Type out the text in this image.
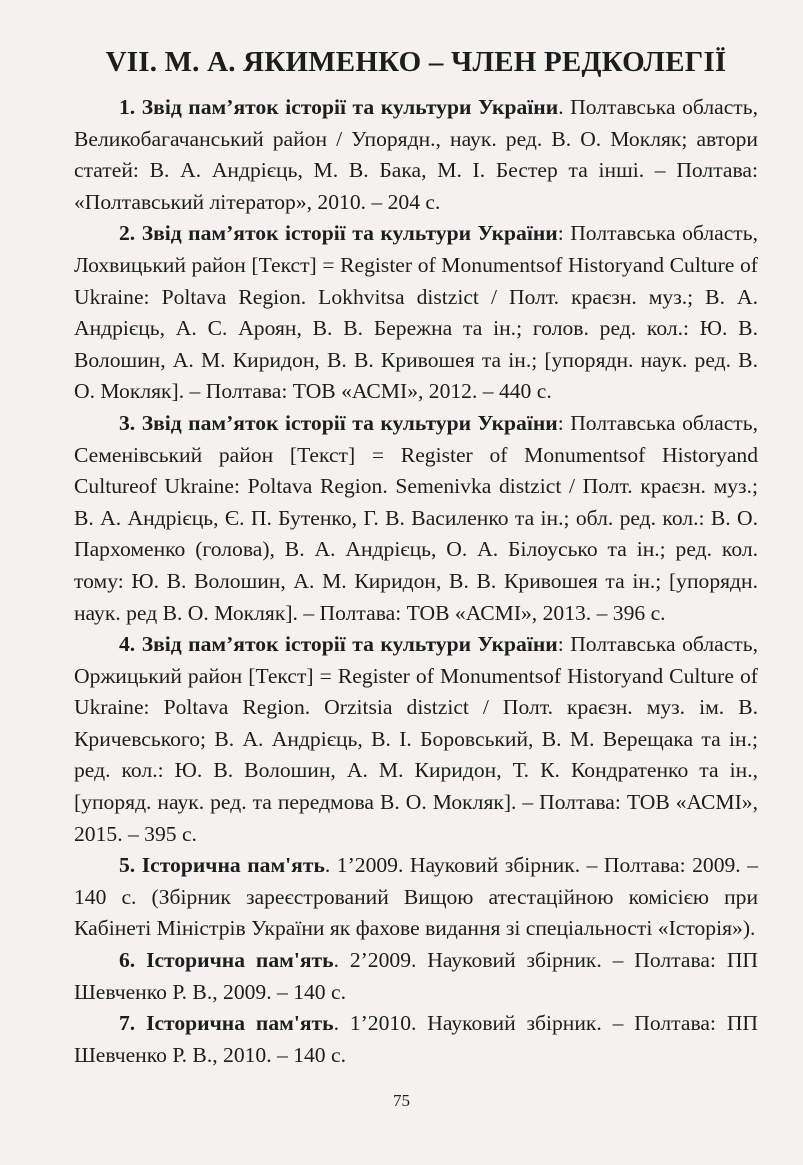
VII. М. А. ЯКИМЕНКО – ЧЛЕН РЕДКОЛЕГІЇ

1. Звід пам’яток історії та культури України. Полтавська область, Великобагачанський район / Упорядн., наук. ред. В. О. Мокляк; автори статей: В. А. Андрієць, М. В. Бака, М. І. Бестер та інші. – Полтава: «Полтавський літератор», 2010. – 204 с.

2. Звід пам’яток історії та культури України: Полтавська область, Лохвицький район [Текст] = Register of Monumentsof Historyand Culture of Ukraine: Poltava Region. Lokhvitsa distzict / Полт. краєзн. муз.; В. А. Андрієць, А. С. Ароян, В. В. Бережна та ін.; голов. ред. кол.: Ю. В. Волошин, А. М. Киридон, В. В. Кривошея та ін.; [упорядн. наук. ред. В. О. Мокляк]. – Полтава: ТОВ «АСМІ», 2012. – 440 с.

3. Звід пам’яток історії та культури України: Полтавська область, Семенівський район [Текст] = Register of Monumentsof Historyand Cultureof Ukraine: Poltava Region. Semenivka distzict / Полт. краєзн. муз.; В. А. Андрієць, Є. П. Бутенко, Г. В. Василенко та ін.; обл. ред. кол.: В. О. Пархоменко (голова), В. А. Андрієць, О. А. Білоусько та ін.; ред. кол. тому: Ю. В. Волошин, А. М. Киридон, В. В. Кривошея та ін.; [упорядн. наук. ред В. О. Мокляк]. – Полтава: ТОВ «АСМІ», 2013. – 396 с.

4. Звід пам’яток історії та культури України: Полтавська область, Оржицький район [Текст] = Register of Monumentsof Historyand Culture of Ukraine: Poltava Region. Orzitsia distzict / Полт. краєзн. муз. ім. В. Кричевського; В. А. Андрієць, В. І. Боровський, В. М. Верещака та ін.; ред. кол.: Ю. В. Волошин, А. М. Киридон, Т. К. Кондратенко та ін., [упоряд. наук. ред. та передмова В. О. Мокляк]. – Полтава: ТОВ «АСМІ», 2015. – 395 с.

5. Історична пам'ять. 1’2009. Науковий збірник. – Полтава: 2009. – 140 с. (Збірник зареєстрований Вищою атестаційною комісією при Кабінеті Міністрів України як фахове видання зі спеціальності «Історія»).

6. Історична пам'ять. 2’2009. Науковий збірник. – Полтава: ПП Шевченко Р. В., 2009. – 140 с.

7. Історична пам'ять. 1’2010. Науковий збірник. – Полтава: ПП Шевченко Р. В., 2010. – 140 с.

75
